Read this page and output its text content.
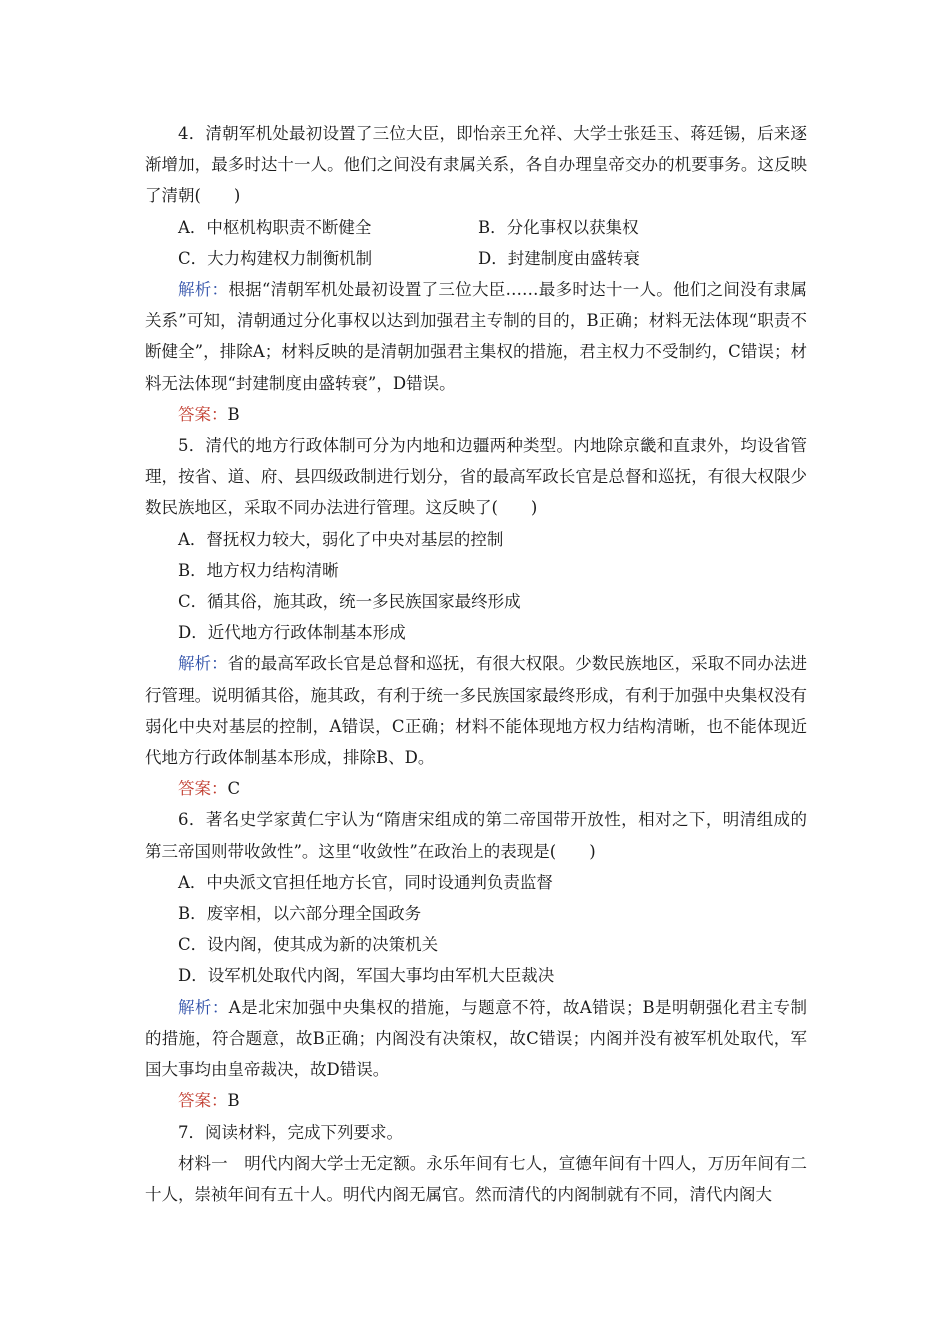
4．清朝军机处最初设置了三位大臣，即怡亲王允祥、大学士张廷玉、蒋廷锡，后来逐渐增加，最多时达十一人。他们之间没有隶属关系，各自办理皇帝交办的机要事务。这反映了清朝(　　)

A．中枢机构职责不断健全	B．分化事权以获集权
C．大力构建权力制衡机制	D．封建制度由盛转衰

解析：根据“清朝军机处最初设置了三位大臣……最多时达十一人。他们之间没有隶属关系”可知，清朝通过分化事权以达到加强君主专制的目的，B正确；材料无法体现“职责不断健全”，排除A；材料反映的是清朝加强君主集权的措施，君主权力不受制约，C错误；材料无法体现“封建制度由盛转衰”，D错误。

答案：B

5．清代的地方行政体制可分为内地和边疆两种类型。内地除京畿和直隶外，均设省管理，按省、道、府、县四级政制进行划分，省的最高军政长官是总督和巡抚，有很大权限少数民族地区，采取不同办法进行管理。这反映了(　　)

A．督抚权力较大，弱化了中央对基层的控制

B．地方权力结构清晰

C．循其俗，施其政，统一多民族国家最终形成

D．近代地方行政体制基本形成

解析：省的最高军政长官是总督和巡抚，有很大权限。少数民族地区，采取不同办法进行管理。说明循其俗，施其政，有利于统一多民族国家最终形成，有利于加强中央集权没有弱化中央对基层的控制，A错误，C正确；材料不能体现地方权力结构清晰，也不能体现近代地方行政体制基本形成，排除B、D。

答案：C

6．著名史学家黄仁宇认为“隋唐宋组成的第二帝国带开放性，相对之下，明清组成的第三帝国则带收敛性”。这里“收敛性”在政治上的表现是(　　)

A．中央派文官担任地方长官，同时设通判负责监督

B．废宰相，以六部分理全国政务

C．设内阁，使其成为新的决策机关

D．设军机处取代内阁，军国大事均由军机大臣裁决

解析：A是北宋加强中央集权的措施，与题意不符，故A错误；B是明朝强化君主专制的措施，符合题意，故B正确；内阁没有决策权，故C错误；内阁并没有被军机处取代，军国大事均由皇帝裁决，故D错误。

答案：B

7．阅读材料，完成下列要求。

材料一　明代内阁大学士无定额。永乐年间有七人，宣德年间有十四人，万历年间有二十人，崇祯年间有五十人。明代内阁无属官。然而清代的内阁制就有不同，清代内阁大
